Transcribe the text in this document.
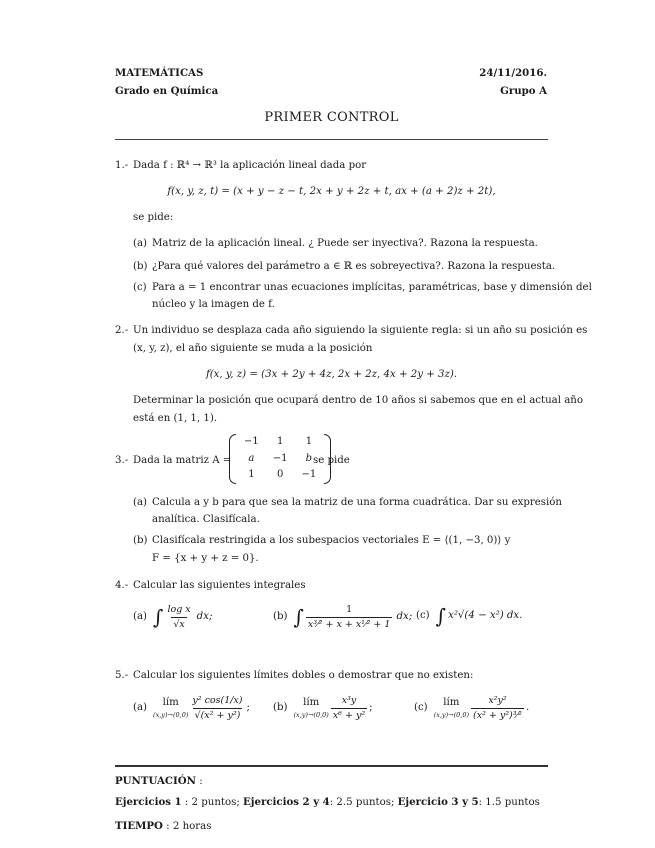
MATEMÁTICAS	24/11/2016.
Grado en Química	Grupo A
PRIMER CONTROL
1.- Dada f : ℝ⁴ → ℝ³ la aplicación lineal dada por
f(x, y, z, t) = (x + y − z − t, 2x + y + 2z + t, ax + (a + 2)z + 2t),
se pide:
(a) Matriz de la aplicación lineal. ¿ Puede ser inyectiva?. Razona la respuesta.
(b) ¿Para qué valores del parámetro a ∈ ℝ es sobreyectiva?. Razona la respuesta.
(c) Para a = 1 encontrar unas ecuaciones implícitas, paramétricas, base y dimensión del
núcleo y la imagen de f.
2.- Un individuo se desplaza cada año siguiendo la siguiente regla: si un año su posición es
(x, y, z), el año siguiente se muda a la posición
f(x, y, z) = (3x + 2y + 4z, 2x + 2z, 4x + 2y + 3z).
Determinar la posición que ocupará dentro de 10 años si sabemos que en el actual año
está en (1, 1, 1).
3.- Dada la matriz A =
−1	1	1
a	−1	b
1	0	−1
se pide
(a) Calcula a y b para que sea la matriz de una forma cuadrática. Dar su expresión
analítica. Clasifícala.
(b) Clasifícala restringida a los subespacios vectoriales E = ⟨(1, −3, 0)⟩ y
F = {x + y + z = 0}.
4.- Calcular las siguientes integrales
(a) ∫ $\frac{\text{log x}}{√x}$ dx;	(b) ∫ $\frac{1}{\text{x³⁄² + x + x¹⁄² + 1}}$ dx; (c) ∫ x²√(4 − x²) dx.
5.- Calcular los siguientes límites dobles o demostrar que no existen:
(a) lím
$(x,y)\to(0,0) \frac{\text{y² cos(1/x)}}{\text{√(x² + y²)}}$ ; (b) lím
$(x,y)\to(0,0) \frac{\text{x³y}}{\text{x⁶ + y²}}$ ;	(c) lím
$(x,y)\to(0,0) \frac{\text{x²y²}}{\text{(x² + y²)³⁄²}}$ .
PUNTUACIÓN :
Ejercicios 1 : 2 puntos; Ejercicios 2 y 4: 2.5 puntos; Ejercicio 3 y 5: 1.5 puntos
TIEMPO : 2 horas
